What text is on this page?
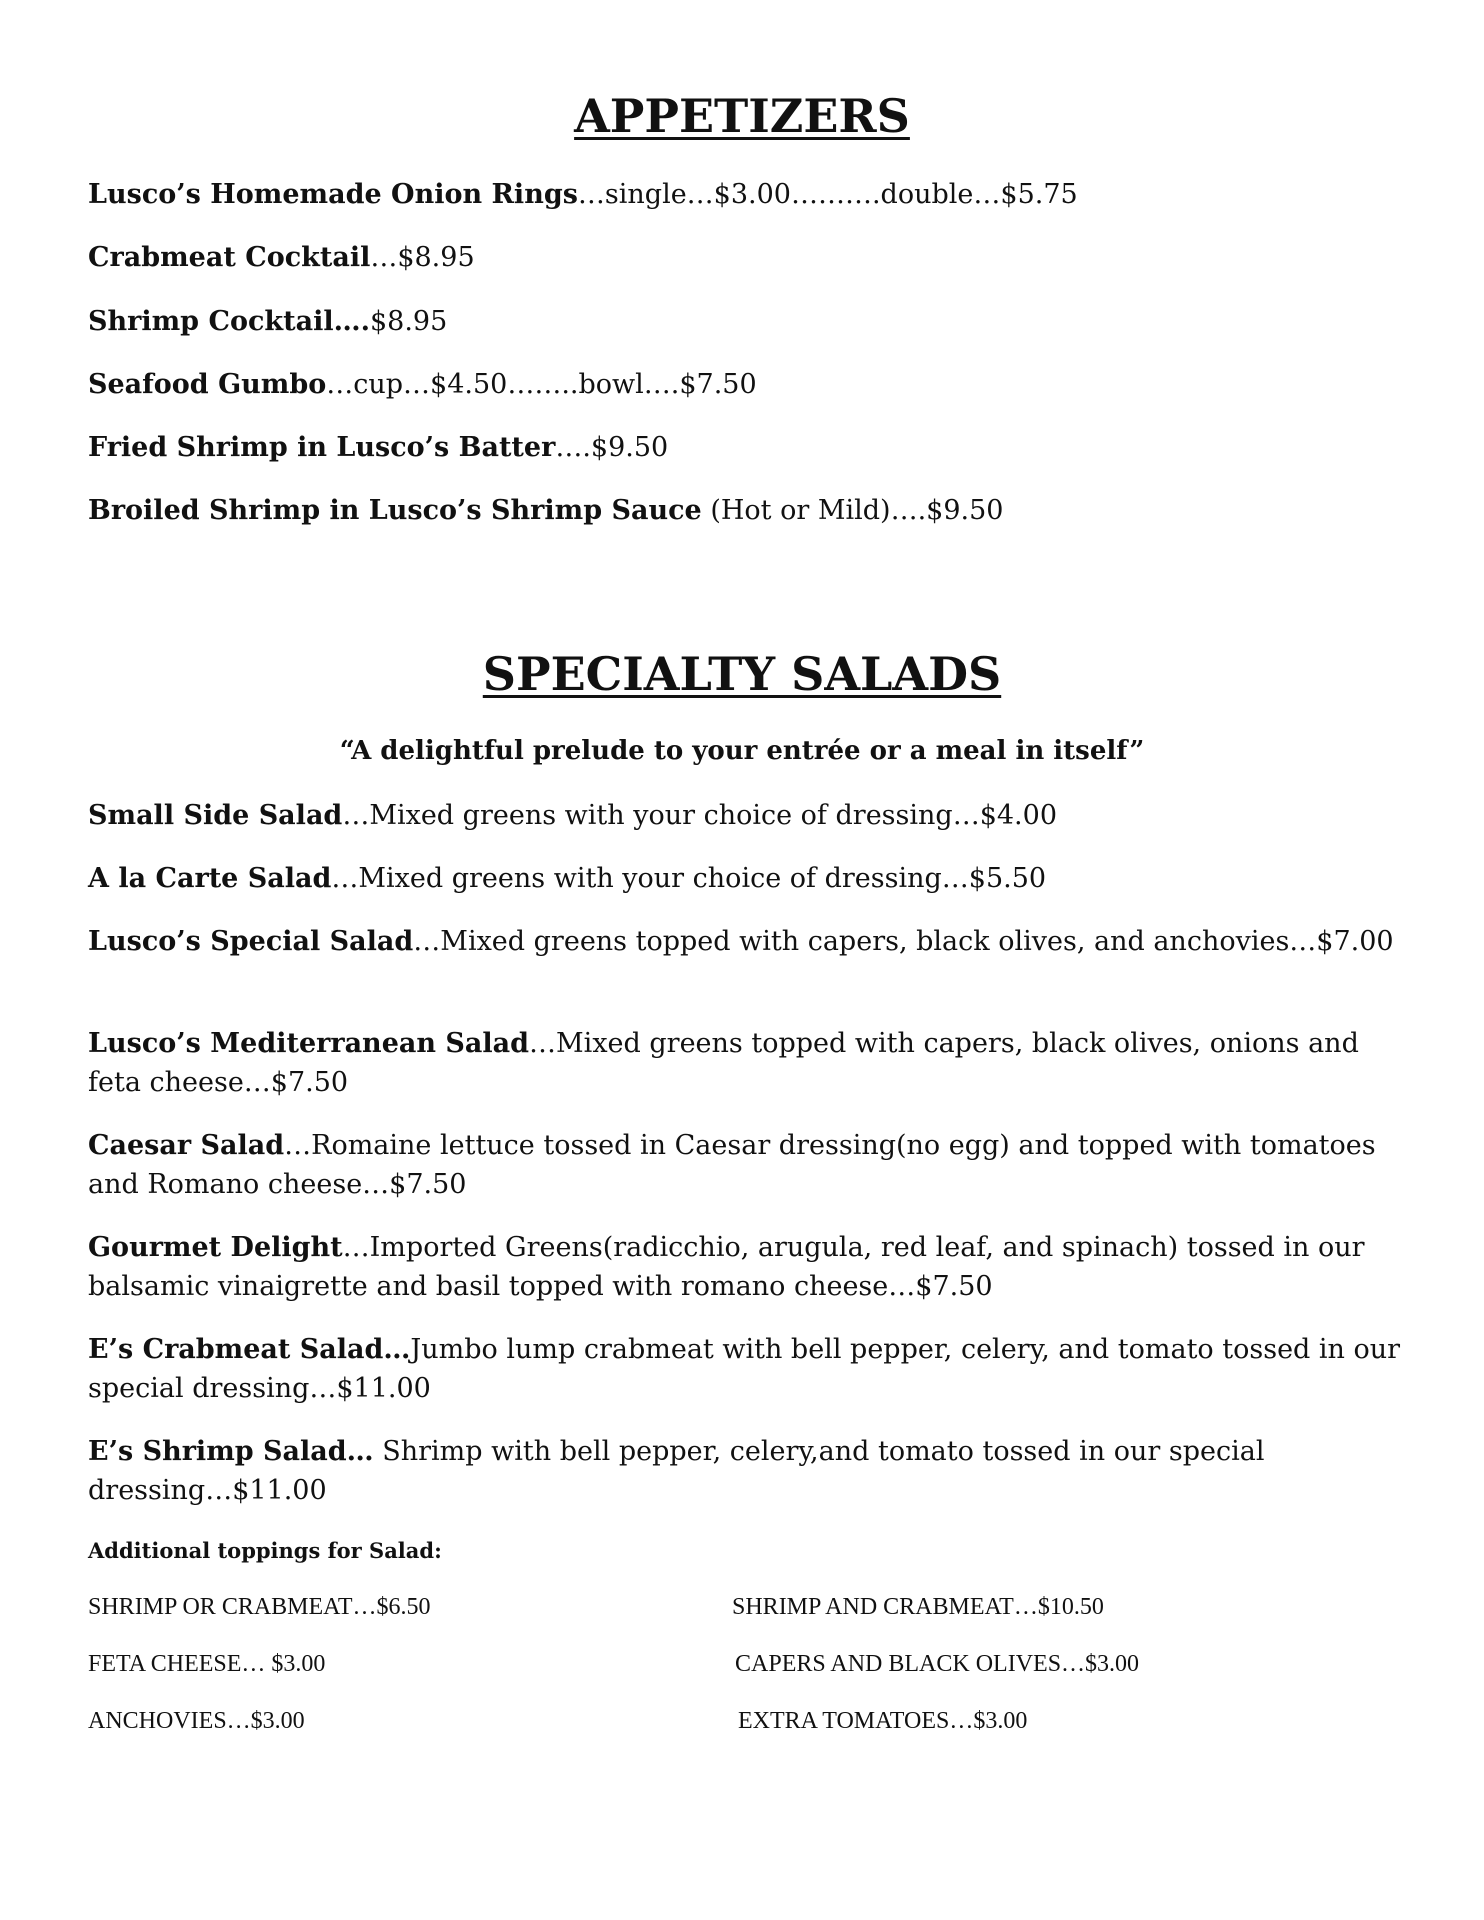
APPETIZERS
Lusco’s Homemade Onion Rings…single…$3.00……….double…$5.75
Crabmeat Cocktail…$8.95
Shrimp Cocktail….$8.95
Seafood Gumbo…cup…$4.50……..bowl….$7.50
Fried Shrimp in Lusco’s Batter….$9.50
Broiled Shrimp in Lusco’s Shrimp Sauce (Hot or Mild)….$9.50
SPECIALTY SALADS
“A delightful prelude to your entrée or a meal in itself”
Small Side Salad…Mixed greens with your choice of dressing…$4.00
A la Carte Salad…Mixed greens with your choice of dressing…$5.50
Lusco’s Special Salad…Mixed greens topped with capers, black olives, and anchovies…$7.00
Lusco’s Mediterranean Salad…Mixed greens topped with capers, black olives, onions and feta cheese…$7.50
Caesar Salad…Romaine lettuce tossed in Caesar dressing(no egg) and topped with tomatoes and Romano cheese…$7.50
Gourmet Delight…Imported Greens(radicchio, arugula, red leaf, and spinach) tossed in our balsamic vinaigrette and basil topped with romano cheese…$7.50
E’s Crabmeat Salad…Jumbo lump crabmeat with bell pepper, celery, and tomato tossed in our special dressing…$11.00
E’s Shrimp Salad… Shrimp with bell pepper, celery,and tomato tossed in our special dressing…$11.00
Additional toppings for Salad:
SHRIMP OR CRABMEAT…$6.50	SHRIMP AND CRABMEAT…$10.50
FETA CHEESE… $3.00	CAPERS AND BLACK OLIVES…$3.00
ANCHOVIES…$3.00	EXTRA TOMATOES…$3.00
